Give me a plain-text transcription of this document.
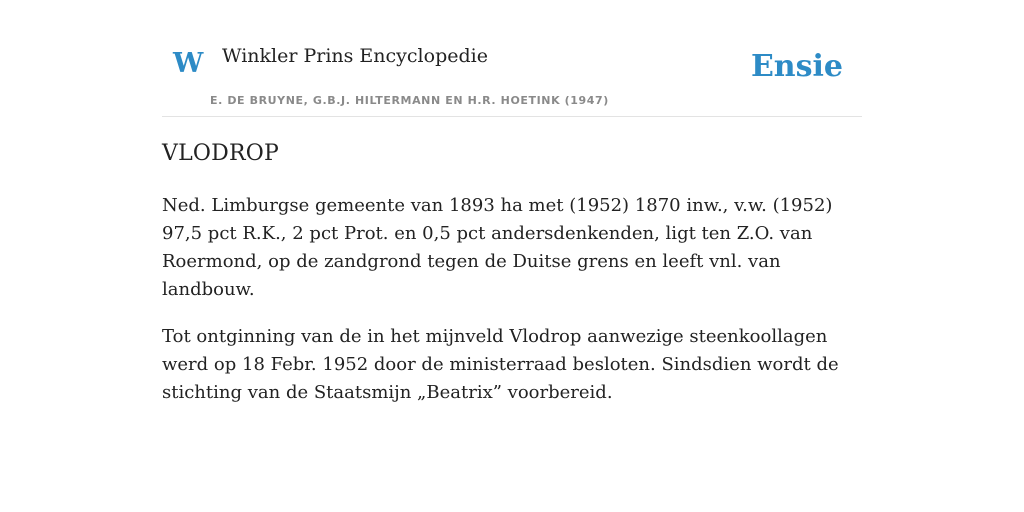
W Winkler Prins Encyclopedie
E. DE BRUYNE, G.B.J. HILTERMANN EN H.R. HOETINK (1947)
Ensie
VLODROP

Ned. Limburgse gemeente van 1893 ha met (1952) 1870 inw., v.w. (1952) 97,5 pct R.K., 2 pct Prot. en 0,5 pct andersdenkenden, ligt ten Z.O. van Roermond, op de zandgrond tegen de Duitse grens en leeft vnl. van landbouw.

Tot ontginning van de in het mijnveld Vlodrop aanwezige steenkoollagen werd op 18 Febr. 1952 door de ministerraad besloten. Sindsdien wordt de stichting van de Staatsmijn „Beatrix” voorbereid.
